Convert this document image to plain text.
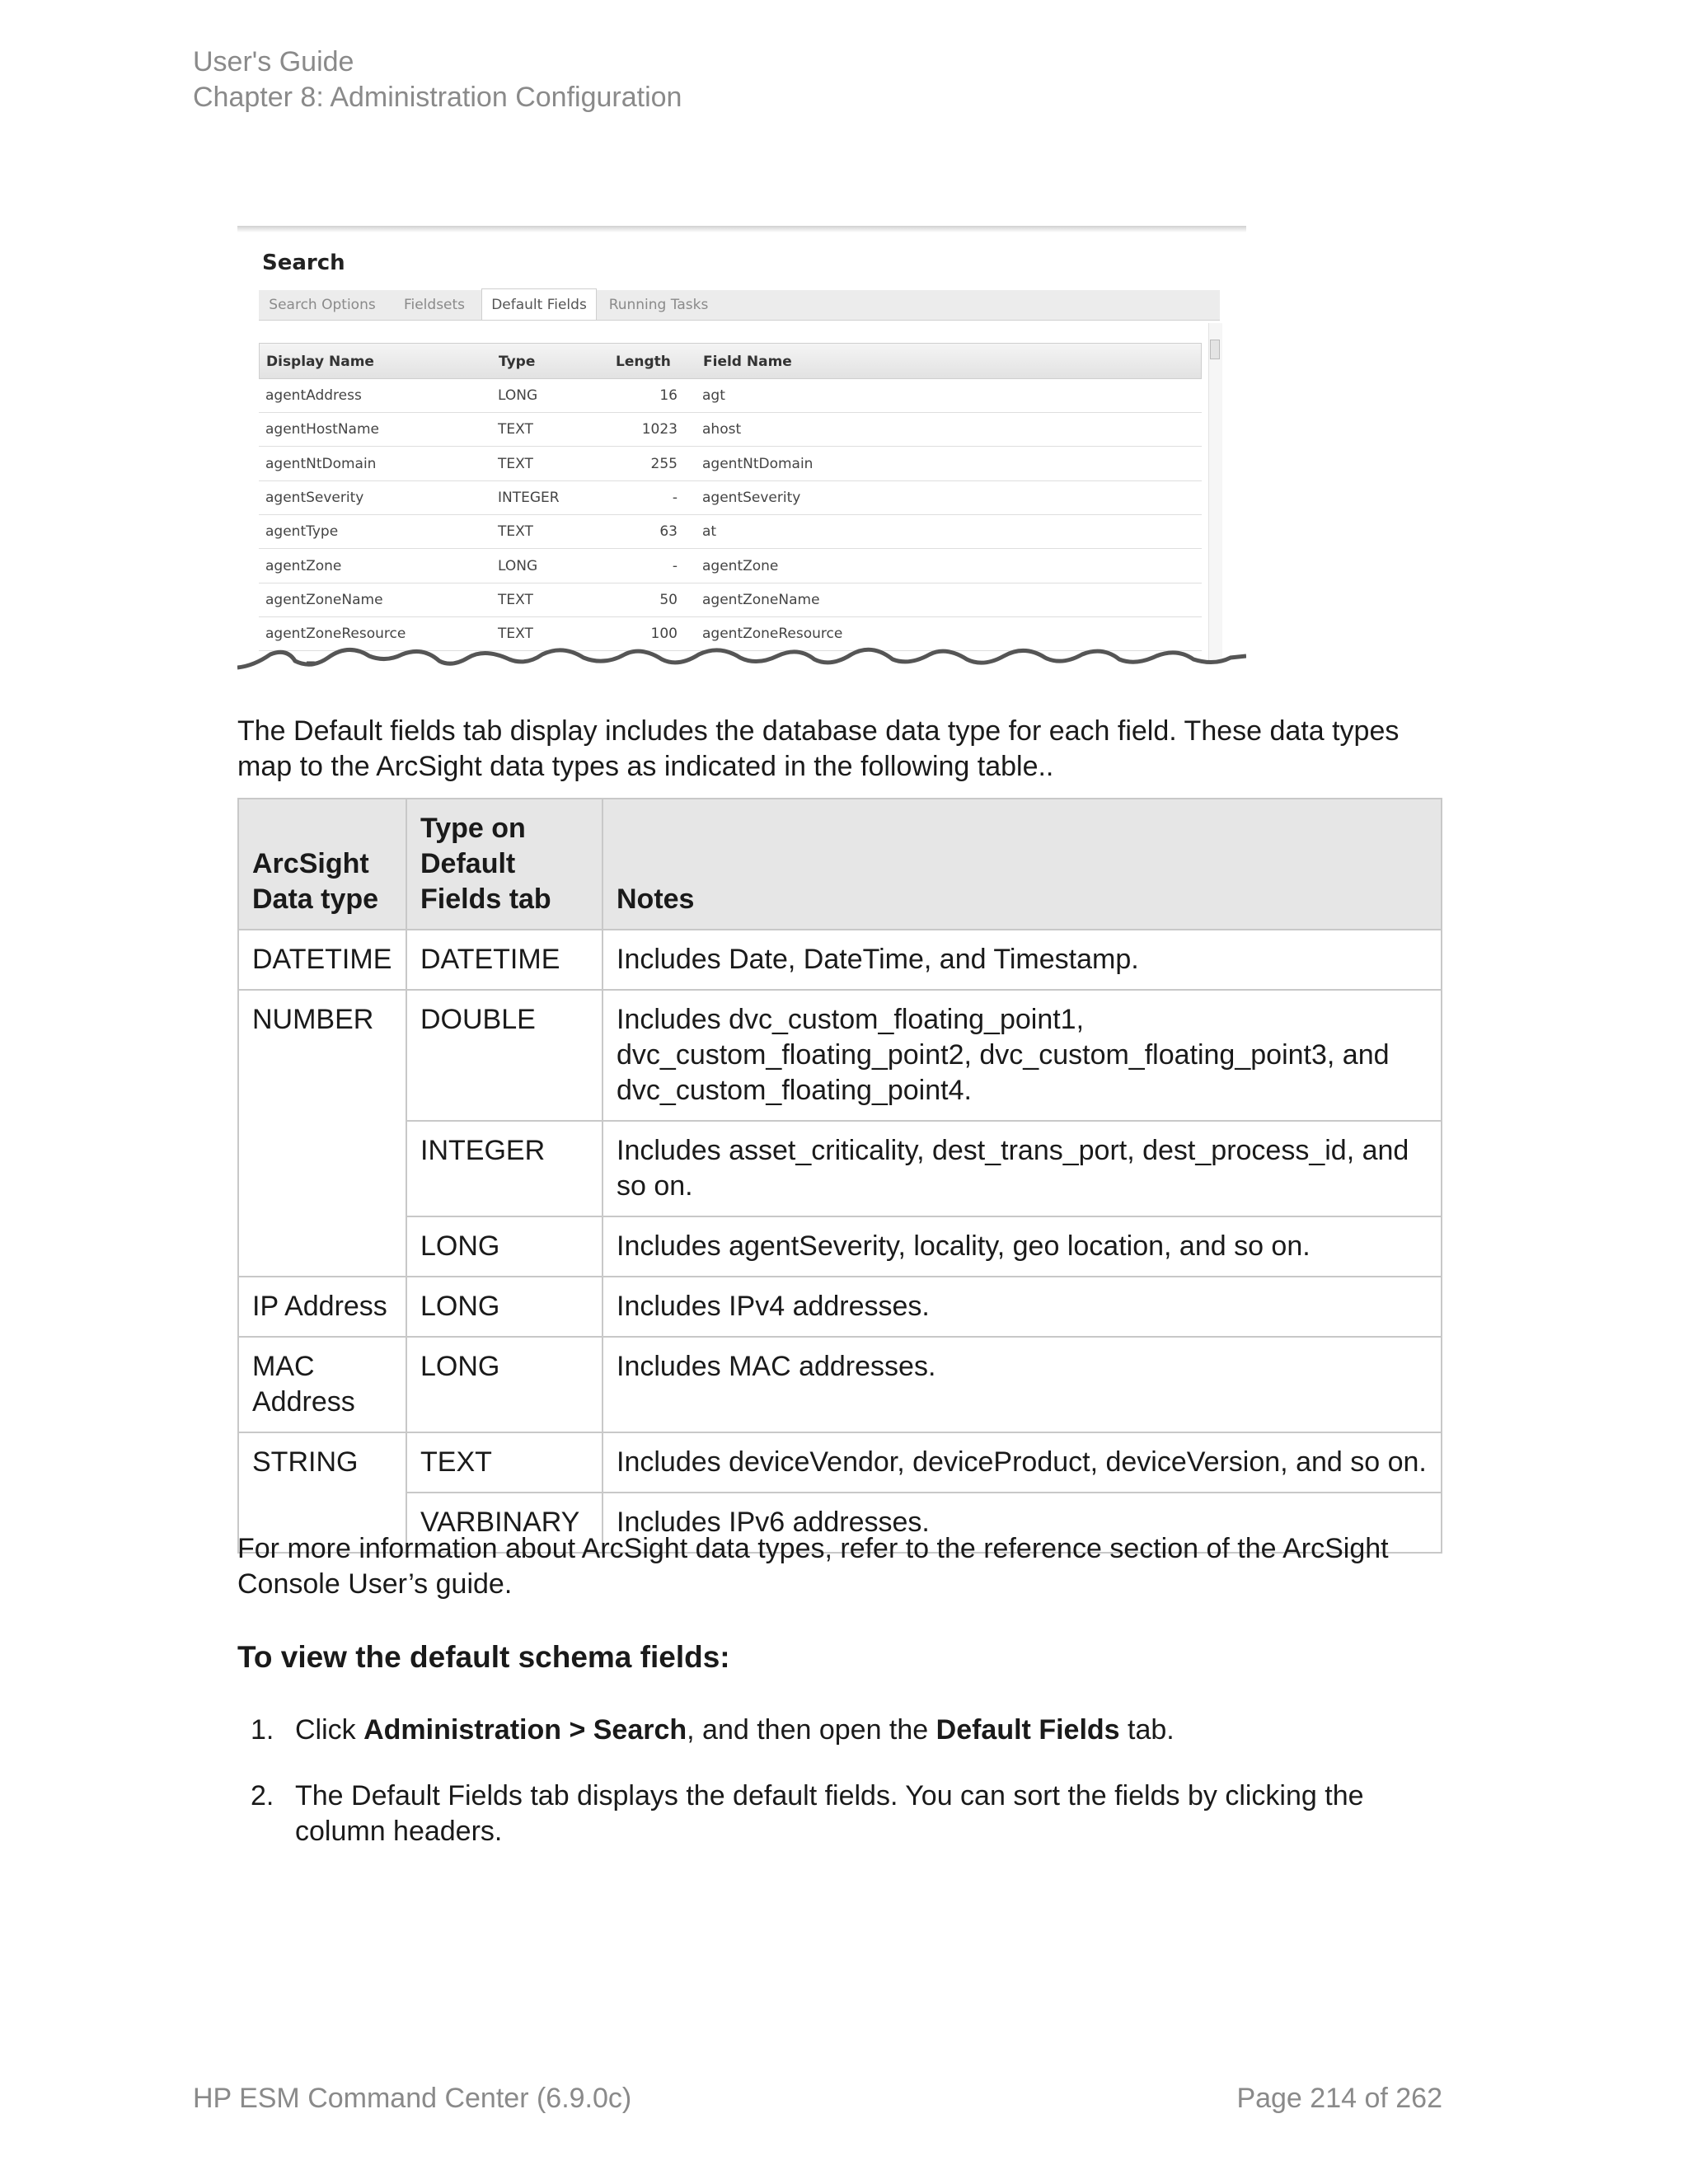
User's Guide
Chapter 8: Administration Configuration
Search
Search Options	Fieldsets	Default Fields	Running Tasks
Display Name	Type	Length Field Name
agentAddress	LONG	16 agt
agentHostName	TEXT	1023 ahost
agentNtDomain	TEXT	255 agentNtDomain
agentSeverity	INTEGER	- agentSeverity
agentType	TEXT	63 at
agentZone	LONG	- agentZone
agentZoneName	TEXT	50 agentZoneName
agentZoneResource	TEXT	100 agentZoneResource
The Default fields tab display includes the database data type for each field. These data types map to the ArcSight data types as indicated in the following table..
ArcSight Data type	Type on Default Fields tab	Notes
DATETIME	DATETIME	Includes Date, DateTime, and Timestamp.
NUMBER	DOUBLE	Includes dvc_custom_floating_point1, dvc_custom_floating_point2, dvc_custom_floating_point3, and dvc_custom_floating_point4.
	INTEGER	Includes asset_criticality, dest_trans_port, dest_process_id, and so on.
	LONG	Includes agentSeverity, locality, geo location, and so on.
IP Address	LONG	Includes IPv4 addresses.
MAC Address	LONG	Includes MAC addresses.
STRING	TEXT	Includes deviceVendor, deviceProduct, deviceVersion, and so on.
	VARBINARY	Includes IPv6 addresses.
For more information about ArcSight data types, refer to the reference section of the ArcSight Console User’s guide.
To view the default schema fields:
1. Click Administration > Search, and then open the Default Fields tab.
2. The Default Fields tab displays the default fields. You can sort the fields by clicking the column headers.
HP ESM Command Center (6.9.0c)	Page 214 of 262
